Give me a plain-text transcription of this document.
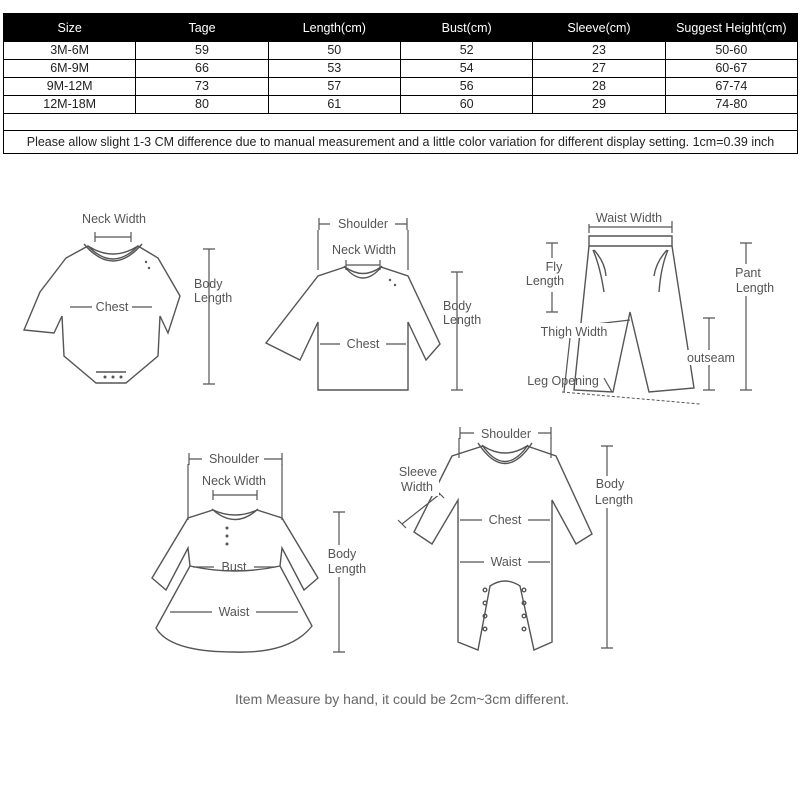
Size	Tage	Length(cm)	Bust(cm)	Sleeve(cm)	Suggest Height(cm)
3M-6M	59	50	52	23	50-60
6M-9M	66	53	54	27	60-67
9M-12M	73	57	56	28	67-74
12M-18M	80	61	60	29	74-80

Please allow slight 1-3 CM difference due to manual measurement and a little color variation for different display setting. 1cm=0.39 inch					
Neck Width
Chest
Body
Length
Shoulder
Neck Width
Chest
Body
Length
Waist Width
Fly
Length
Thigh Width
Leg Opening
outseam
Pant
Length
Shoulder
Neck Width
Bust
Waist
Body
Length
Shoulder
Sleeve
Width
Chest
Waist
Body
Length
Item Measure by hand, it could be 2cm~3cm different.
